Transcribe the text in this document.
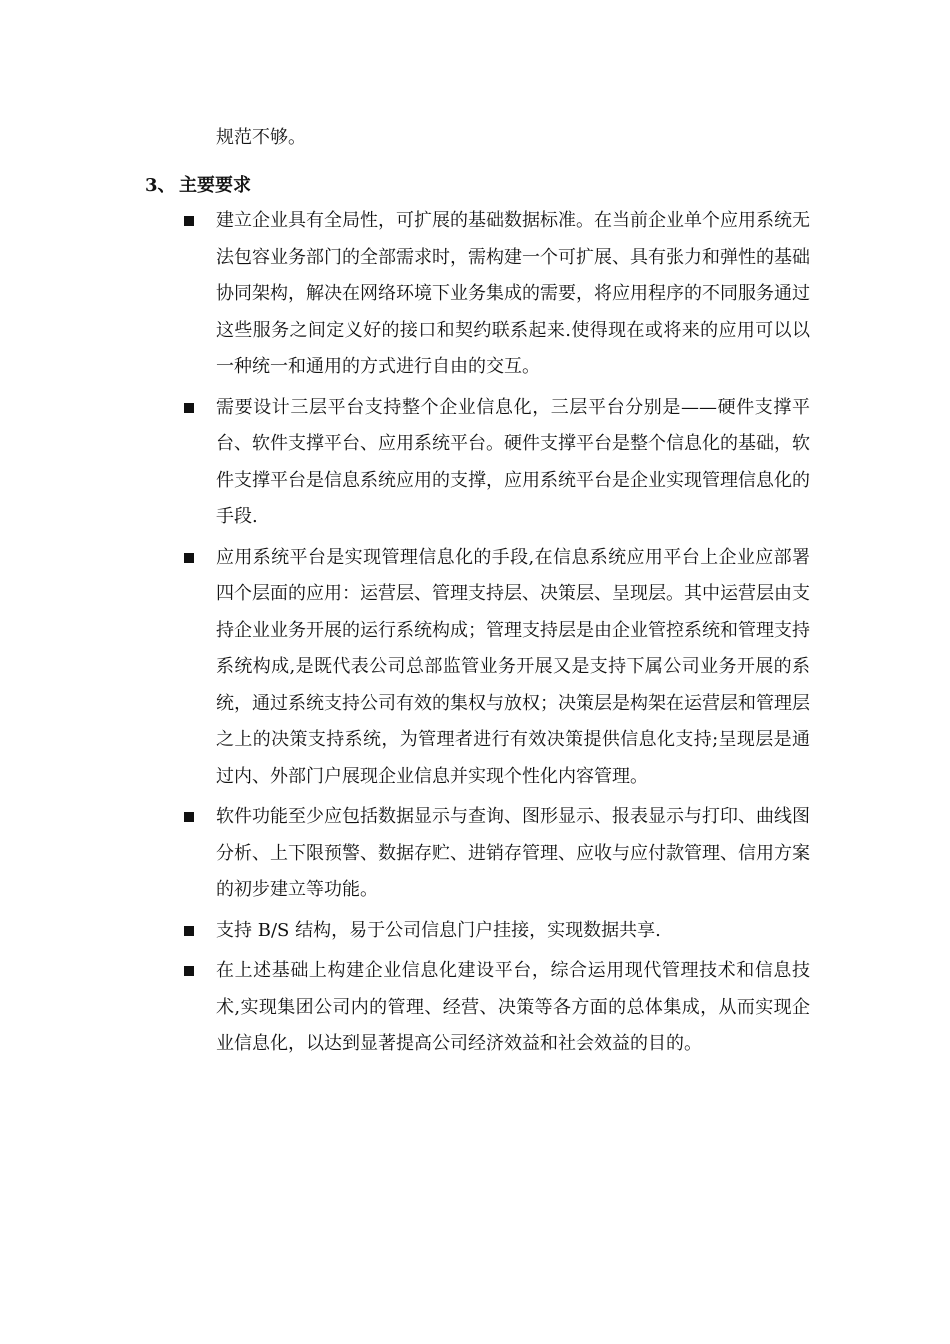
规范不够。

3、 主要要求

建立企业具有全局性，可扩展的基础数据标准。在当前企业单个应用系统无法包容业务部门的全部需求时，需构建一个可扩展、具有张力和弹性的基础协同架构，解决在网络环境下业务集成的需要，将应用程序的不同服务通过这些服务之间定义好的接口和契约联系起来.使得现在或将来的应用可以以一种统一和通用的方式进行自由的交互。

需要设计三层平台支持整个企业信息化，三层平台分别是——硬件支撑平台、软件支撑平台、应用系统平台。硬件支撑平台是整个信息化的基础，软件支撑平台是信息系统应用的支撑，应用系统平台是企业实现管理信息化的手段.

应用系统平台是实现管理信息化的手段,在信息系统应用平台上企业应部署四个层面的应用：运营层、管理支持层、决策层、呈现层。其中运营层由支持企业业务开展的运行系统构成；管理支持层是由企业管控系统和管理支持系统构成,是既代表公司总部监管业务开展又是支持下属公司业务开展的系统，通过系统支持公司有效的集权与放权；决策层是构架在运营层和管理层之上的决策支持系统，为管理者进行有效决策提供信息化支持;呈现层是通过内、外部门户展现企业信息并实现个性化内容管理。

软件功能至少应包括数据显示与查询、图形显示、报表显示与打印、曲线图分析、上下限预警、数据存贮、进销存管理、应收与应付款管理、信用方案的初步建立等功能。

支持 B/S 结构，易于公司信息门户挂接，实现数据共享.

在上述基础上构建企业信息化建设平台，综合运用现代管理技术和信息技术,实现集团公司内的管理、经营、决策等各方面的总体集成，从而实现企业信息化，以达到显著提高公司经济效益和社会效益的目的。
